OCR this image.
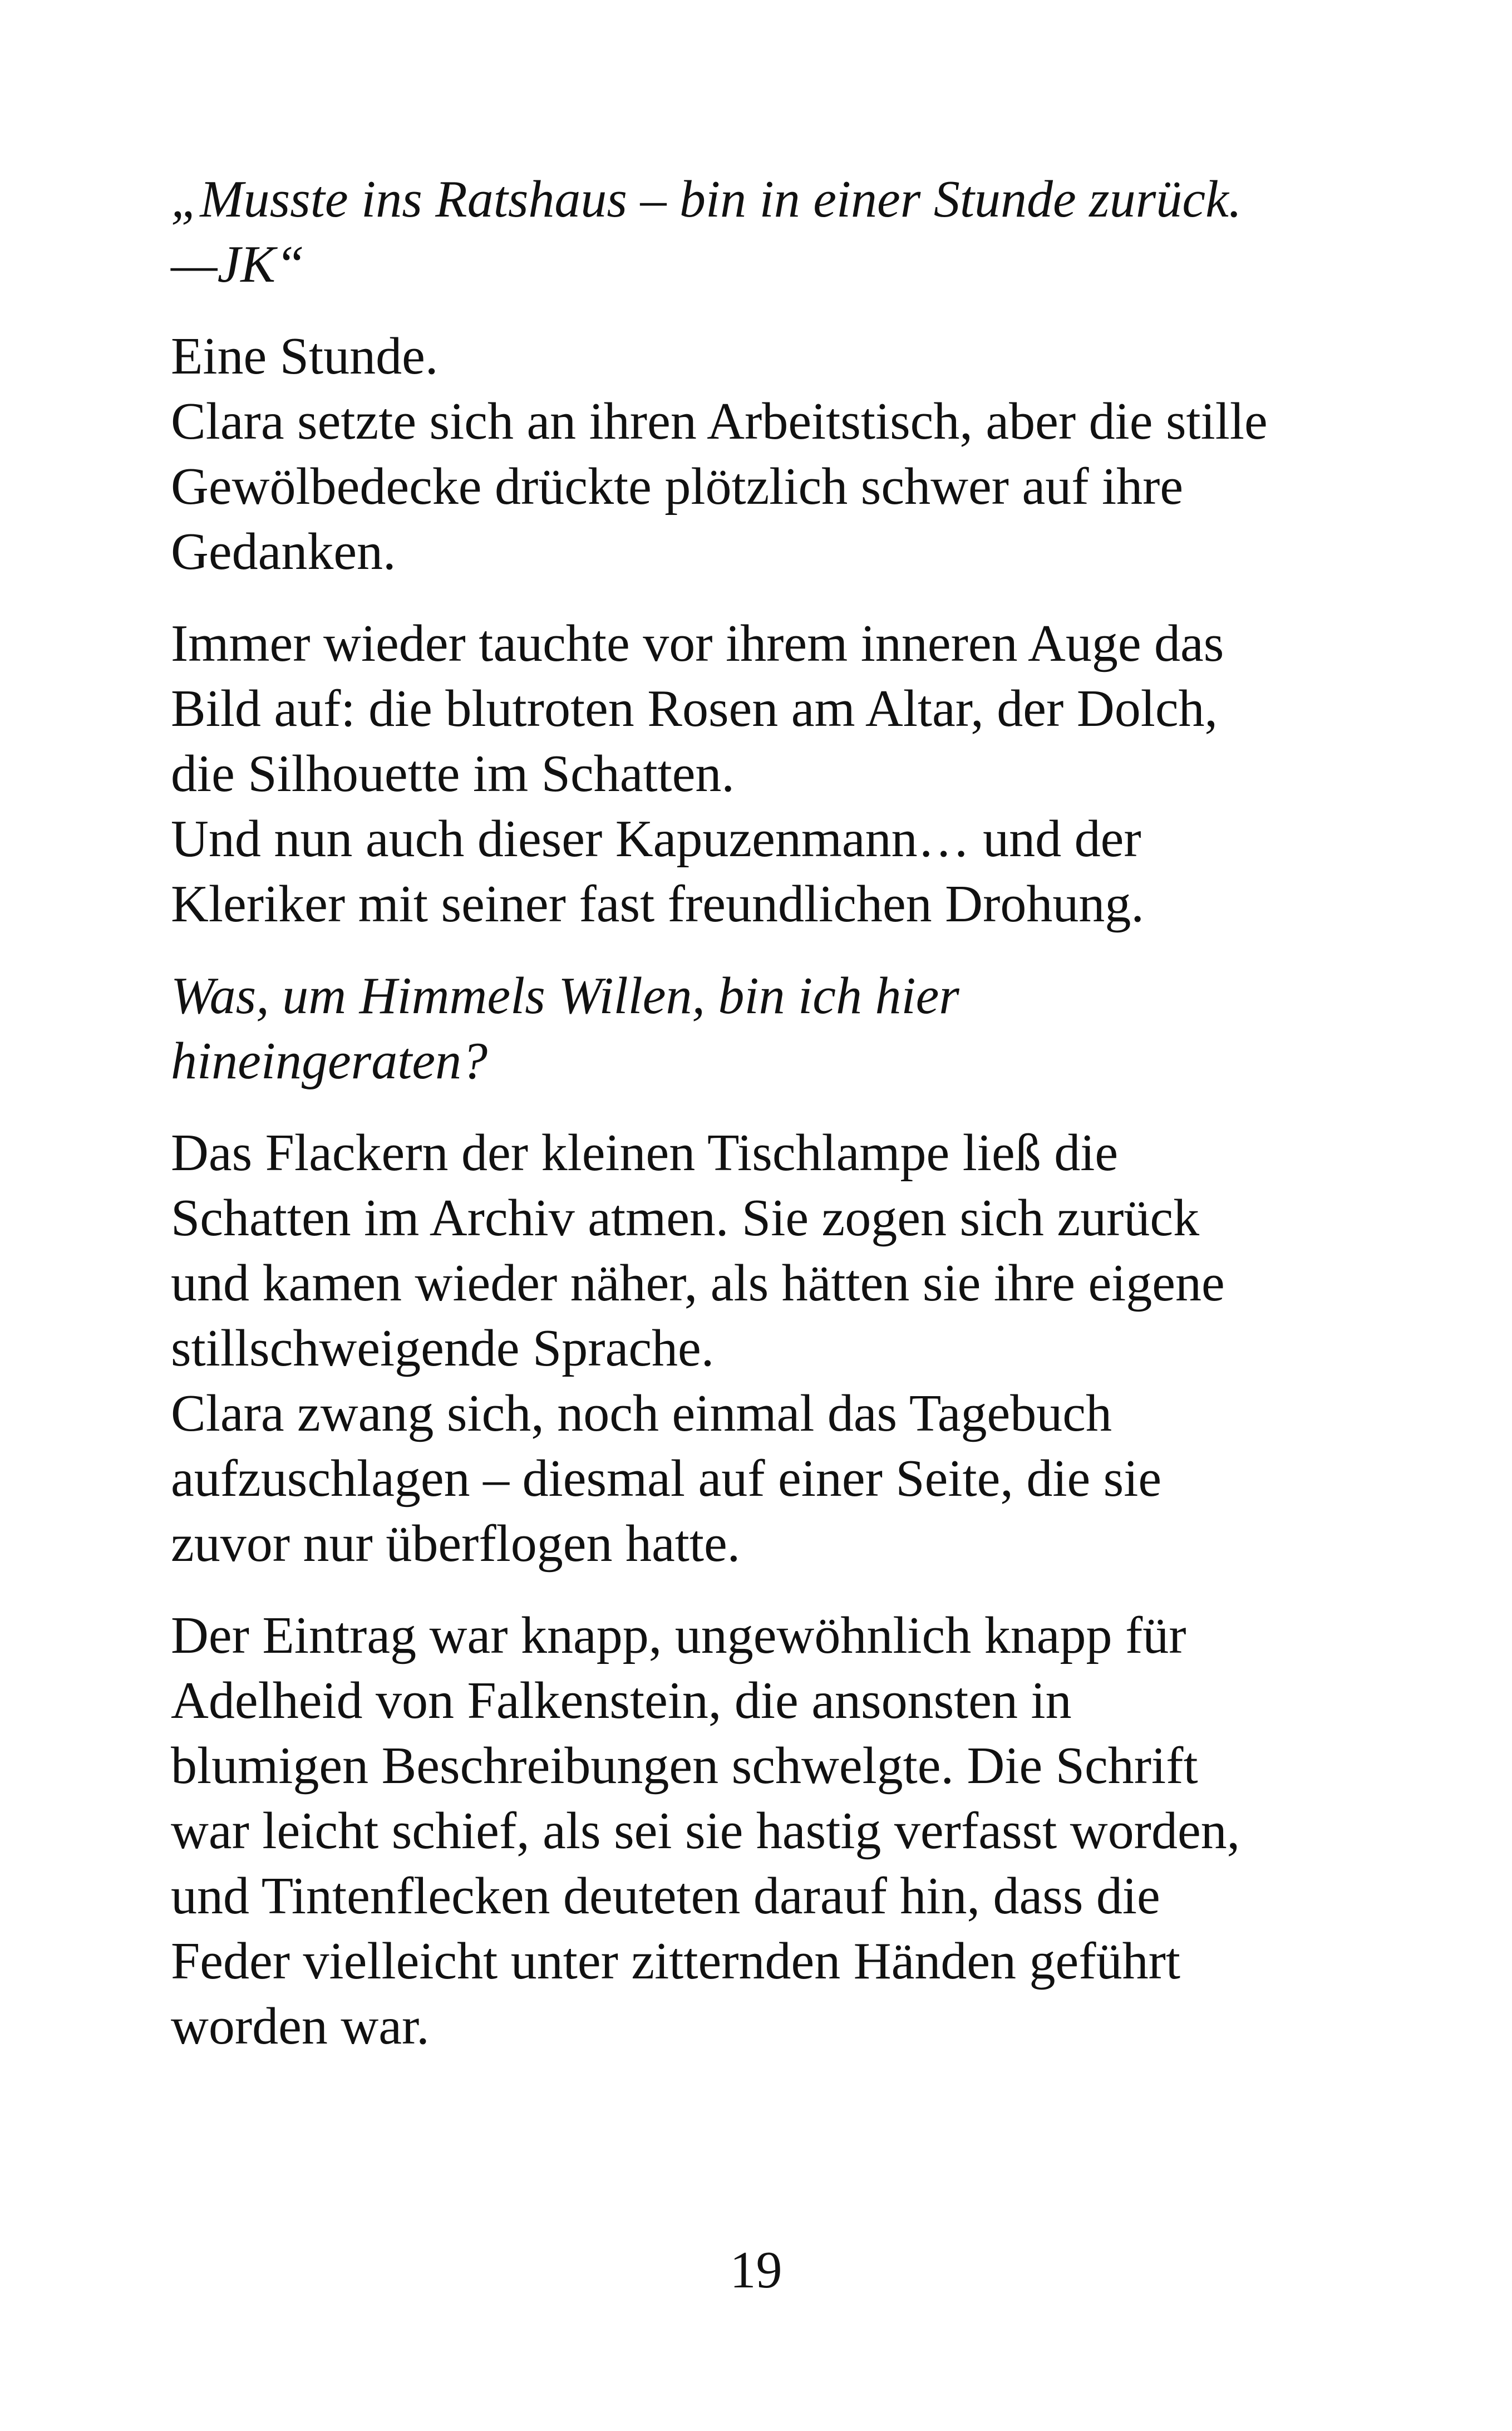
„Musste ins Ratshaus – bin in einer Stunde zurück.
—JK“

Eine Stunde.
Clara setzte sich an ihren Arbeitstisch, aber die stille
Gewölbedecke drückte plötzlich schwer auf ihre
Gedanken.

Immer wieder tauchte vor ihrem inneren Auge das
Bild auf: die blutroten Rosen am Altar, der Dolch,
die Silhouette im Schatten.
Und nun auch dieser Kapuzenmann… und der
Kleriker mit seiner fast freundlichen Drohung.

Was, um Himmels Willen, bin ich hier
hineingeraten?

Das Flackern der kleinen Tischlampe ließ die
Schatten im Archiv atmen. Sie zogen sich zurück
und kamen wieder näher, als hätten sie ihre eigene
stillschweigende Sprache.
Clara zwang sich, noch einmal das Tagebuch
aufzuschlagen – diesmal auf einer Seite, die sie
zuvor nur überflogen hatte.

Der Eintrag war knapp, ungewöhnlich knapp für
Adelheid von Falkenstein, die ansonsten in
blumigen Beschreibungen schwelgte. Die Schrift
war leicht schief, als sei sie hastig verfasst worden,
und Tintenflecken deuteten darauf hin, dass die
Feder vielleicht unter zitternden Händen geführt
worden war.

19
